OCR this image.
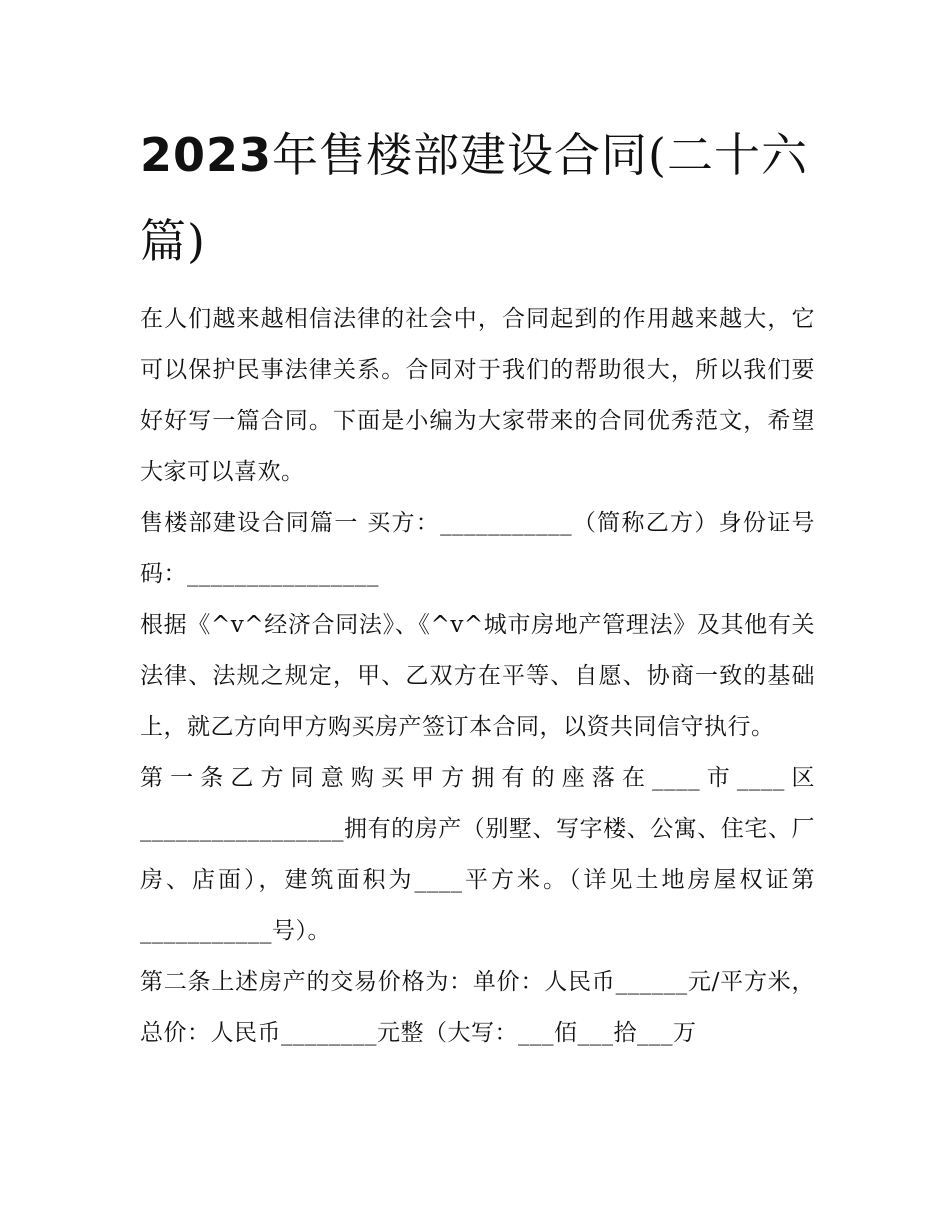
2023年售楼部建设合同(二十六篇)

在人们越来越相信法律的社会中，合同起到的作用越来越大，它可以保护民事法律关系。合同对于我们的帮助很大，所以我们要好好写一篇合同。下面是小编为大家带来的合同优秀范文，希望大家可以喜欢。

售楼部建设合同篇一 买方：___________（简称乙方）身份证号码：________________

根据《^v^经济合同法》、《^v^城市房地产管理法》及其他有关法律、法规之规定，甲、乙双方在平等、自愿、协商一致的基础上，就乙方向甲方购买房产签订本合同，以资共同信守执行。

第一条乙方同意购买甲方拥有的座落在____市____区_________________拥有的房产（别墅、写字楼、公寓、住宅、厂房、店面），建筑面积为____平方米。（详见土地房屋权证第___________号）。

第二条上述房产的交易价格为：单价：人民币______元/平方米，总价：人民币________元整（大写：___佰___拾___万
